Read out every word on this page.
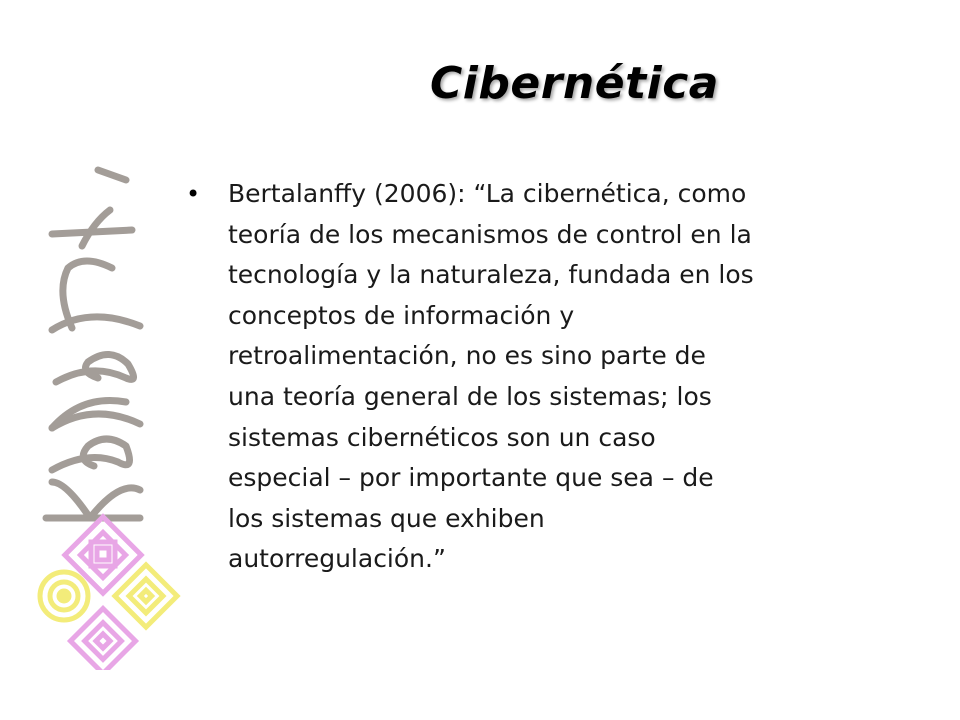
Cibernética
•	Bertalanffy (2006): “La cibernética, como
teoría de los mecanismos de control en la
tecnología y la naturaleza, fundada en los
conceptos de información y
retroalimentación, no es sino parte de
una teoría general de los sistemas; los
sistemas cibernéticos son un caso
especial – por importante que sea – de
los sistemas que exhiben
autorregulación.”
